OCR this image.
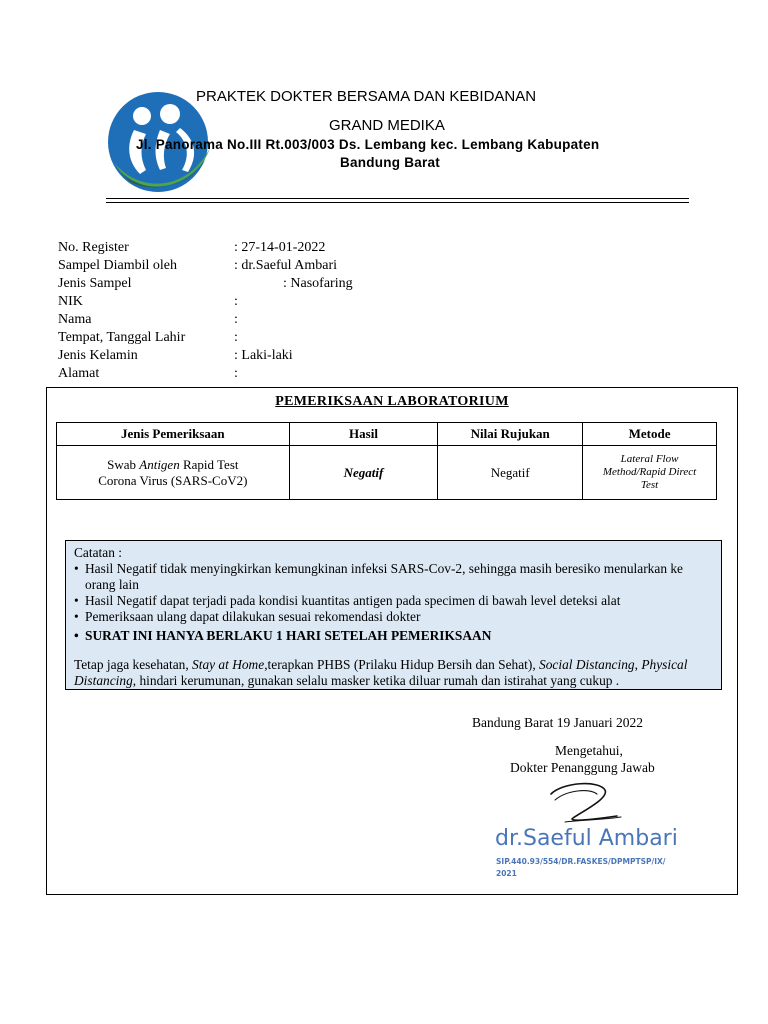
PRAKTEK DOKTER BERSAMA DAN KEBIDANAN
GRAND MEDIKA
Jl. Panorama No.III Rt.003/003 Ds. Lembang kec. Lembang Kabupaten
Bandung Barat
No. Register	: 27-14-01-2022
Sampel Diambil oleh	: dr.Saeful Ambari
Jenis Sampel	: Nasofaring
NIK	:
Nama	:
Tempat, Tanggal Lahir	:
Jenis Kelamin	: Laki-laki
Alamat	:
PEMERIKSAAN LABORATORIUM
Jenis Pemeriksaan	Hasil	Nilai Rujukan	Metode
Swab Antigen Rapid Test
Corona Virus (SARS-CoV2)	Negatif	Negatif	Lateral Flow
Method/Rapid Direct
Test
Catatan :
• Hasil Negatif tidak menyingkirkan kemungkinan infeksi SARS-Cov-2, sehingga masih beresiko menularkan ke orang lain
• Hasil Negatif dapat terjadi pada kondisi kuantitas antigen pada specimen di bawah level deteksi alat
• Pemeriksaan ulang dapat dilakukan sesuai rekomendasi dokter
• SURAT INI HANYA BERLAKU 1 HARI SETELAH PEMERIKSAAN
Tetap jaga kesehatan, Stay at Home,terapkan PHBS (Prilaku Hidup Bersih dan Sehat), Social Distancing, Physical Distancing, hindari kerumunan, gunakan selalu masker ketika diluar rumah dan istirahat yang cukup .
Bandung Barat 19 Januari 2022
Mengetahui,
Dokter Penanggung Jawab
dr.Saeful Ambari
SIP.440.93/554/DR.FASKES/DPMPTSP/IX/ 2021
